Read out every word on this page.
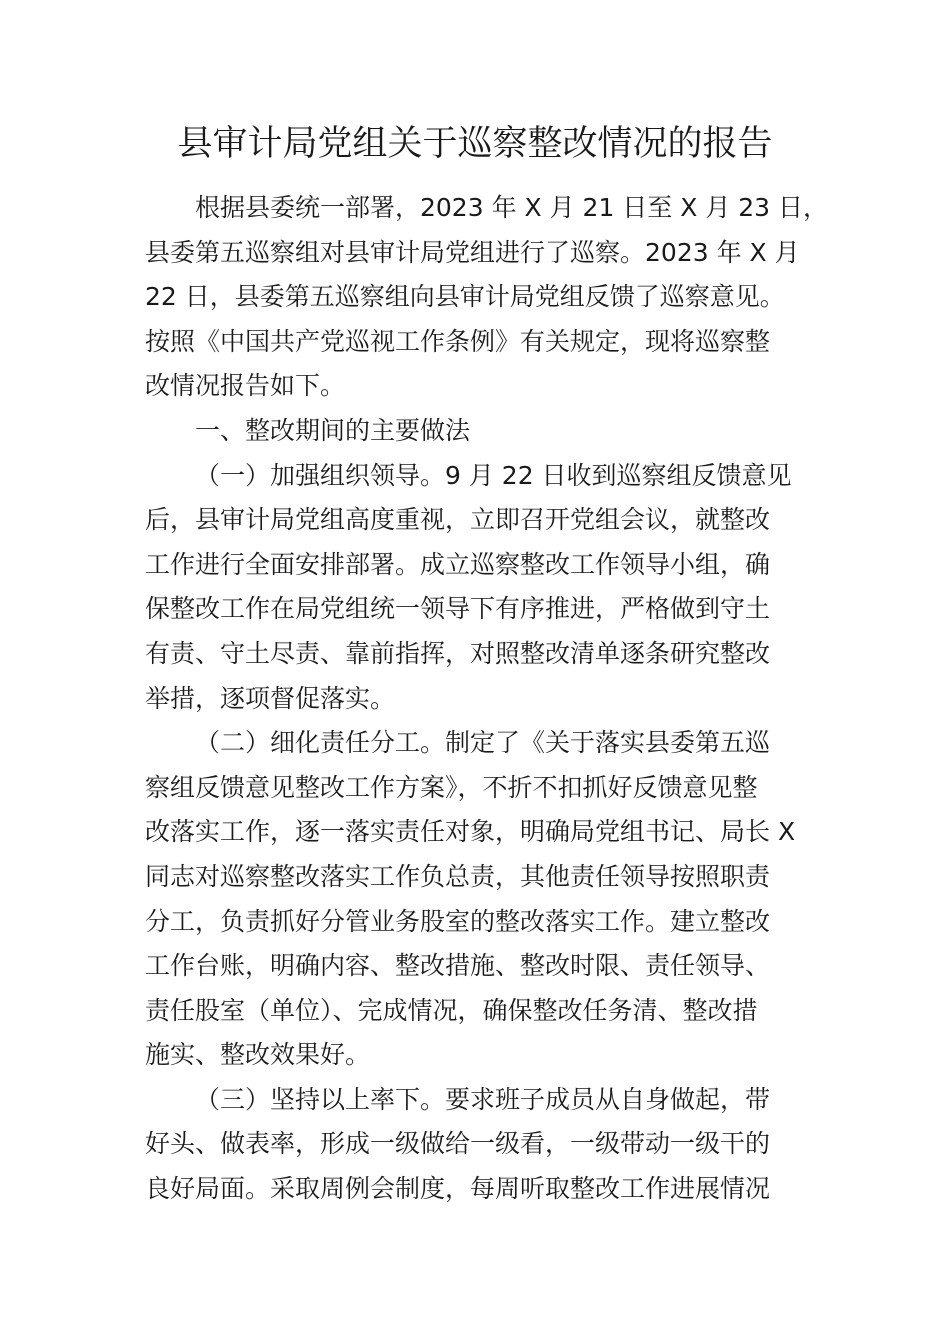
县审计局党组关于巡察整改情况的报告
根据县委统一部署，2023 年 X 月 21 日至 X 月 23 日，
县委第五巡察组对县审计局党组进行了巡察。2023 年 X 月
22 日，县委第五巡察组向县审计局党组反馈了巡察意见。
按照《中国共产党巡视工作条例》有关规定，现将巡察整
改情况报告如下。
一、整改期间的主要做法
（一）加强组织领导。9 月 22 日收到巡察组反馈意见
后，县审计局党组高度重视，立即召开党组会议，就整改
工作进行全面安排部署。成立巡察整改工作领导小组，确
保整改工作在局党组统一领导下有序推进，严格做到守土
有责、守土尽责、靠前指挥，对照整改清单逐条研究整改
举措，逐项督促落实。
（二）细化责任分工。制定了《关于落实县委第五巡
察组反馈意见整改工作方案》，不折不扣抓好反馈意见整
改落实工作，逐一落实责任对象，明确局党组书记、局长 X
同志对巡察整改落实工作负总责，其他责任领导按照职责
分工，负责抓好分管业务股室的整改落实工作。建立整改
工作台账，明确内容、整改措施、整改时限、责任领导、
责任股室（单位）、完成情况，确保整改任务清、整改措
施实、整改效果好。
（三）坚持以上率下。要求班子成员从自身做起，带
好头、做表率，形成一级做给一级看，一级带动一级干的
良好局面。采取周例会制度，每周听取整改工作进展情况
